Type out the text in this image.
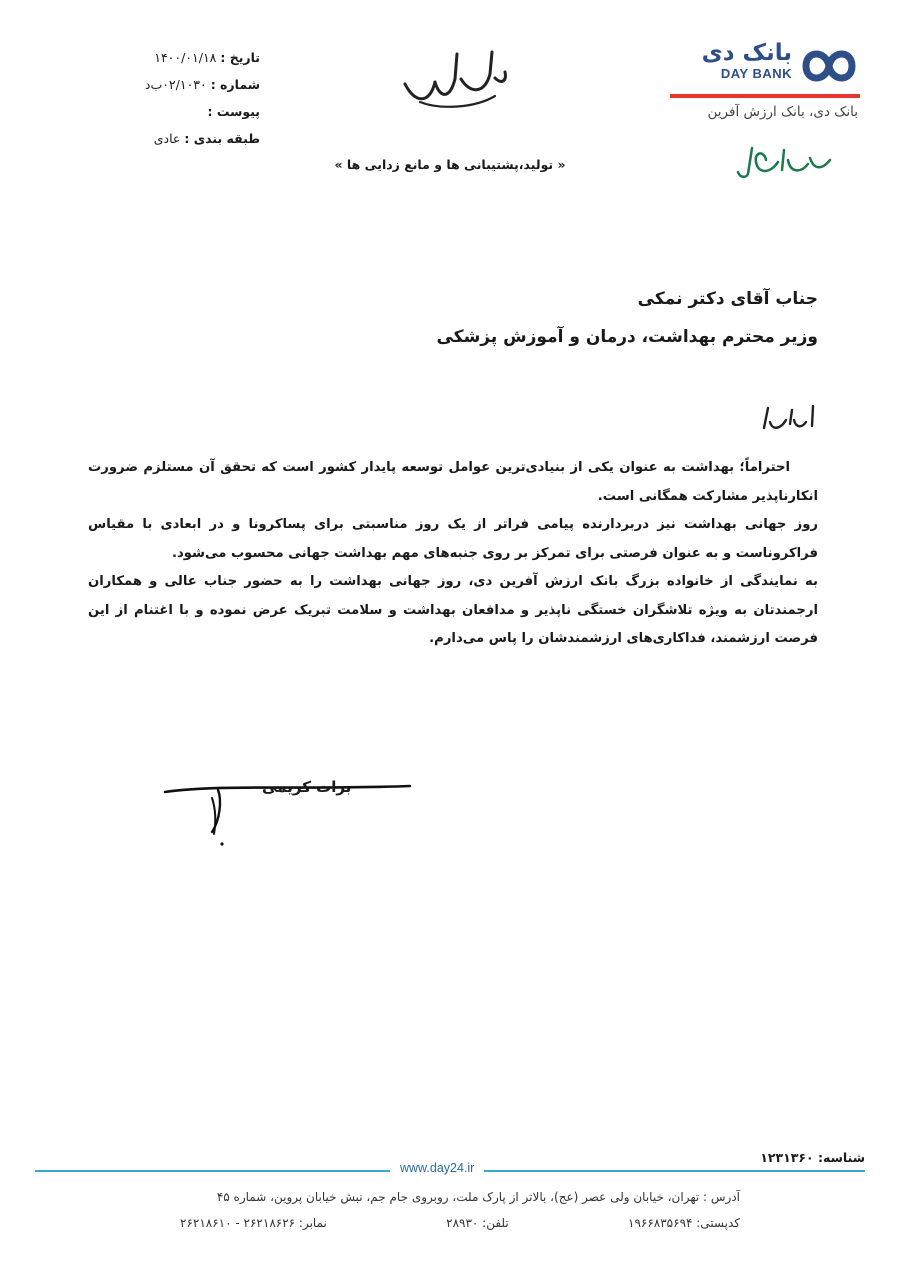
تاریخ : ۱۴۰۰/۰۱/۱۸
شماره : ۰۲/۱۰۳۰ب‌د
پیوست :
طبقه بندی : عادی
بانک دی
DAY BANK
بانک دی، بانک ارزش آفرین
« تولید،پشتیبانی ها و مانع زدایی ها »
جناب آقای دکتر نمکی
وزیر محترم بهداشت، درمان و آموزش پزشکی

احتراماً؛ بهداشت به عنوان یکی از بنیادی‌ترین عوامل توسعه پایدار کشور است که تحقق آن مستلزم ضرورت انکارناپذیر مشارکت همگانی است.

روز جهانی بهداشت نیز دربردارنده پیامی فراتر از یک روز مناسبتی برای پساکرونا و در ابعادی با مقیاس فراکروناست و به عنوان فرصتی برای تمرکز بر روی جنبه‌های مهم بهداشت جهانی محسوب می‌شود.

به نمایندگی از خانواده بزرگ بانک ارزش آفرین دی، روز جهانی بهداشت را به حضور جناب عالی و همکاران ارجمندتان به ویژه تلاشگران خستگی ناپذیر و مدافعان بهداشت و سلامت تبریک عرض نموده و با اغتنام از این فرصت ارزشمند، فداکاری‌های ارزشمندشان را پاس می‌دارم.

برات کریمی
شناسه: ۱۲۳۱۳۶۰
www.day24.ir
آدرس : تهران، خیابان ولی عصر (عج)، بالاتر از پارک ملت، روبروی جام جم، نبش خیابان پروین، شماره ۴۵
کدپستی: ۱۹۶۶۸۳۵۶۹۴
تلفن: ۲۸۹۳۰
نمابر: ۲۶۲۱۸۶۲۶ - ۲۶۲۱۸۶۱۰
